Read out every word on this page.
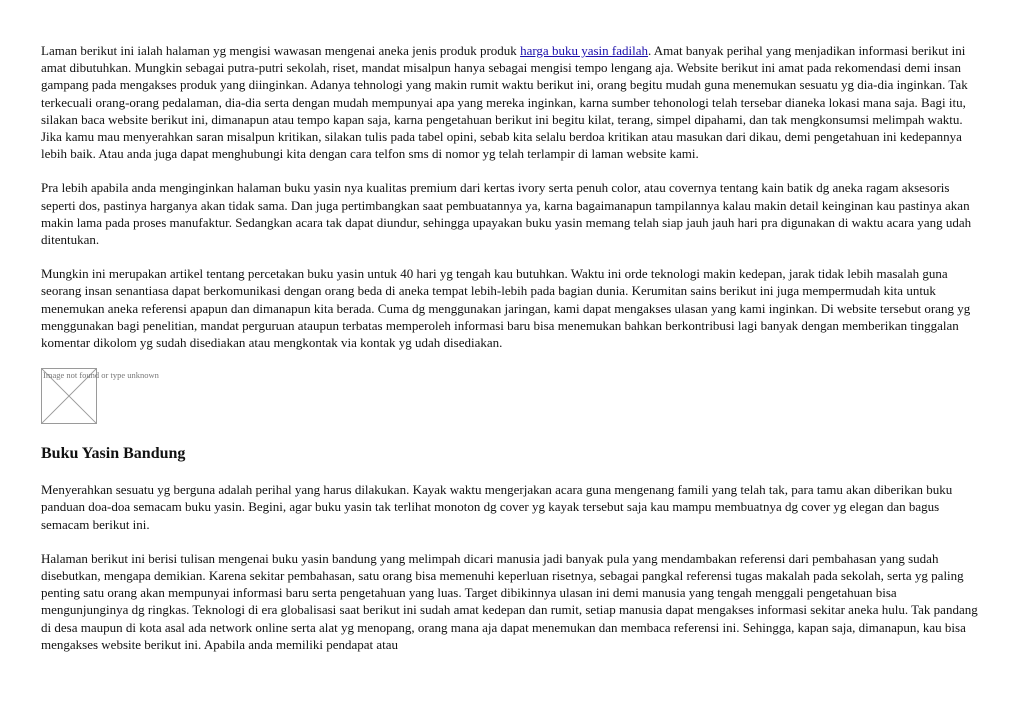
Laman berikut ini ialah halaman yg mengisi wawasan mengenai aneka jenis produk produk harga buku yasin fadilah. Amat banyak perihal yang menjadikan informasi berikut ini amat dibutuhkan. Mungkin sebagai putra-putri sekolah, riset, mandat misalpun hanya sebagai mengisi tempo lengang aja. Website berikut ini amat pada rekomendasi demi insan gampang pada mengakses produk yang diinginkan. Adanya tehnologi yang makin rumit waktu berikut ini, orang begitu mudah guna menemukan sesuatu yg dia-dia inginkan. Tak terkecuali orang-orang pedalaman, dia-dia serta dengan mudah mempunyai apa yang mereka inginkan, karna sumber tehonologi telah tersebar dianeka lokasi mana saja. Bagi itu, silakan baca website berikut ini, dimanapun atau tempo kapan saja, karna pengetahuan berikut ini begitu kilat, terang, simpel dipahami, dan tak mengkonsumsi melimpah waktu. Jika kamu mau menyerahkan saran misalpun kritikan, silakan tulis pada tabel opini, sebab kita selalu berdoa kritikan atau masukan dari dikau, demi pengetahuan ini kedepannya lebih baik. Atau anda juga dapat menghubungi kita dengan cara telfon sms di nomor yg telah terlampir di laman website kami.

Pra lebih apabila anda menginginkan halaman buku yasin nya kualitas premium dari kertas ivory serta penuh color, atau covernya tentang kain batik dg aneka ragam aksesoris seperti dos, pastinya harganya akan tidak sama. Dan juga pertimbangkan saat pembuatannya ya, karna bagaimanapun tampilannya kalau makin detail keinginan kau pastinya akan makin lama pada proses manufaktur. Sedangkan acara tak dapat diundur, sehingga upayakan buku yasin memang telah siap jauh jauh hari pra digunakan di waktu acara yang udah ditentukan.

Mungkin ini merupakan artikel tentang percetakan buku yasin untuk 40 hari yg tengah kau butuhkan. Waktu ini orde teknologi makin kedepan, jarak tidak lebih masalah guna seorang insan senantiasa dapat berkomunikasi dengan orang beda di aneka tempat lebih-lebih pada bagian dunia. Kerumitan sains berikut ini juga mempermudah kita untuk menemukan aneka referensi apapun dan dimanapun kita berada. Cuma dg menggunakan jaringan, kami dapat mengakses ulasan yang kami inginkan. Di website tersebut orang yg menggunakan bagi penelitian, mandat perguruan ataupun terbatas memperoleh informasi baru bisa menemukan bahkan berkontribusi lagi banyak dengan memberikan tinggalan komentar dikolom yg sudah disediakan atau mengkontak via kontak yg udah disediakan.

Image not found or type unknown
Buku Yasin Bandung

Menyerahkan sesuatu yg berguna adalah perihal yang harus dilakukan. Kayak waktu mengerjakan acara guna mengenang famili yang telah tak, para tamu akan diberikan buku panduan doa-doa semacam buku yasin. Begini, agar buku yasin tak terlihat monoton dg cover yg kayak tersebut saja kau mampu membuatnya dg cover yg elegan dan bagus semacam berikut ini.

Halaman berikut ini berisi tulisan mengenai buku yasin bandung yang melimpah dicari manusia jadi banyak pula yang mendambakan referensi dari pembahasan yang sudah disebutkan, mengapa demikian. Karena sekitar pembahasan, satu orang bisa memenuhi keperluan risetnya, sebagai pangkal referensi tugas makalah pada sekolah, serta yg paling penting satu orang akan mempunyai informasi baru serta pengetahuan yang luas. Target dibikinnya ulasan ini demi manusia yang tengah menggali pengetahuan bisa mengunjunginya dg ringkas. Teknologi di era globalisasi saat berikut ini sudah amat kedepan dan rumit, setiap manusia dapat mengakses informasi sekitar aneka hulu. Tak pandang di desa maupun di kota asal ada network online serta alat yg menopang, orang mana aja dapat menemukan dan membaca referensi ini. Sehingga, kapan saja, dimanapun, kau bisa mengakses website berikut ini. Apabila anda memiliki pendapat atau
